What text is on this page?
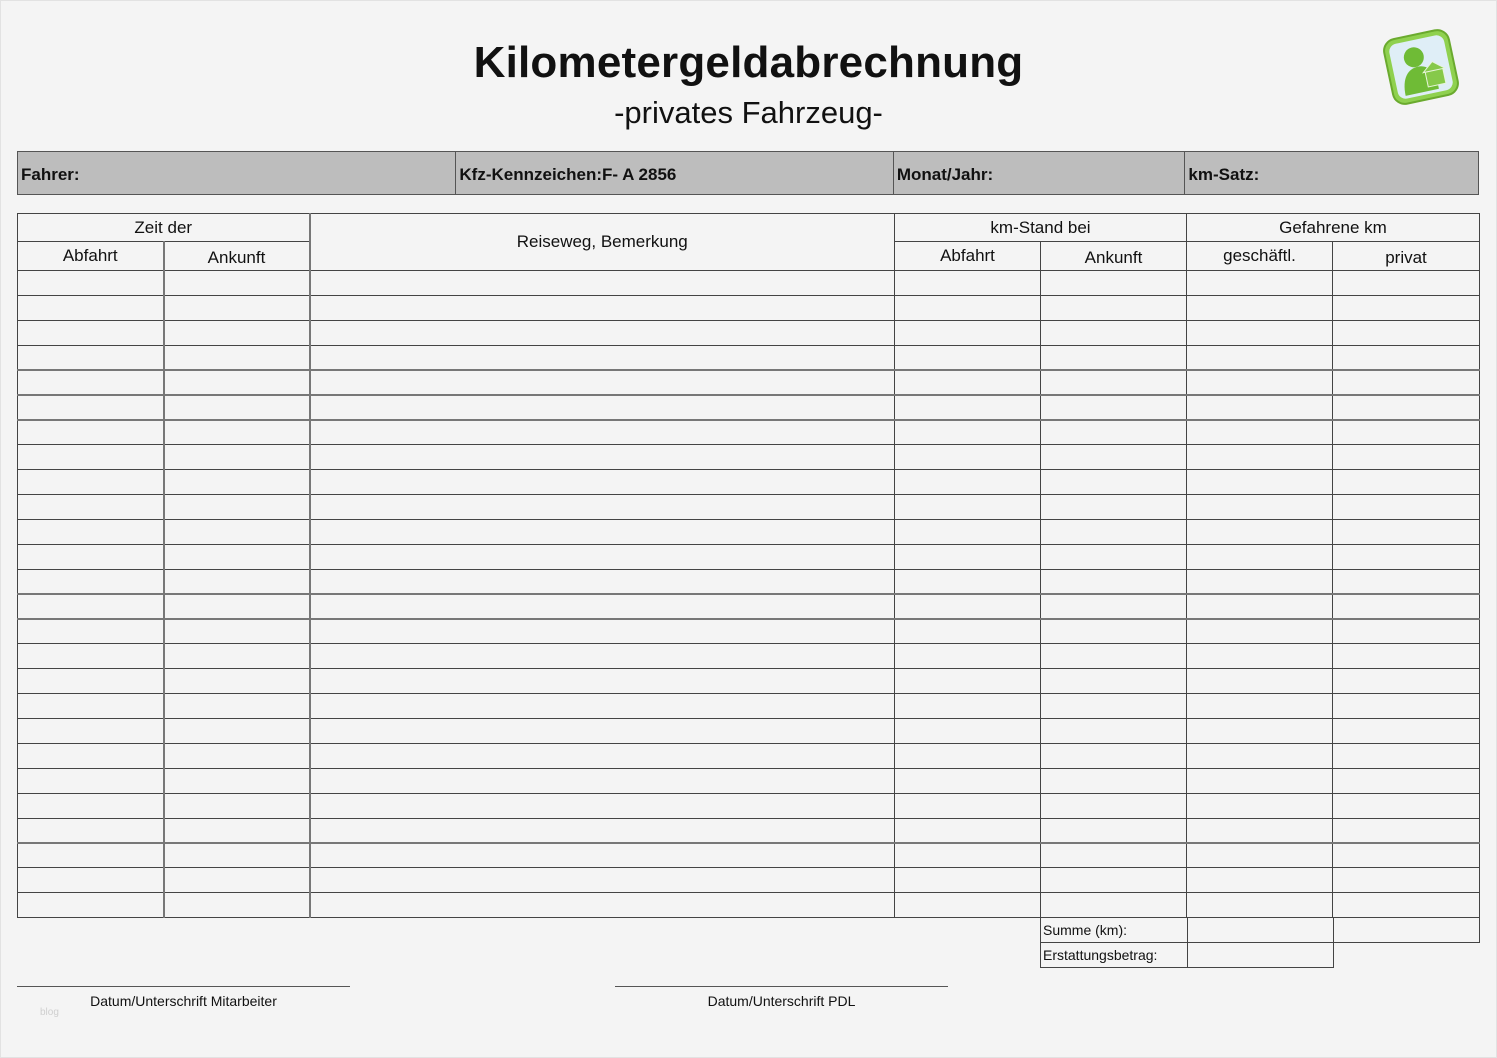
Kilometergeldabrechnung
-privates Fahrzeug-
Fahrer:	Kfz-Kennzeichen:F- A 2856	Monat/Jahr:	km-Satz:
Zeit der		Reiseweg, Bemerkung	km-Stand bei		Gefahrene km	
Abfahrt	Ankunft		Abfahrt	Ankunft	geschäftl.	privat

Summe (km):		
Erstattungsbetrag:		
Datum/Unterschrift Mitarbeiter	Datum/Unterschrift PDL
blog
